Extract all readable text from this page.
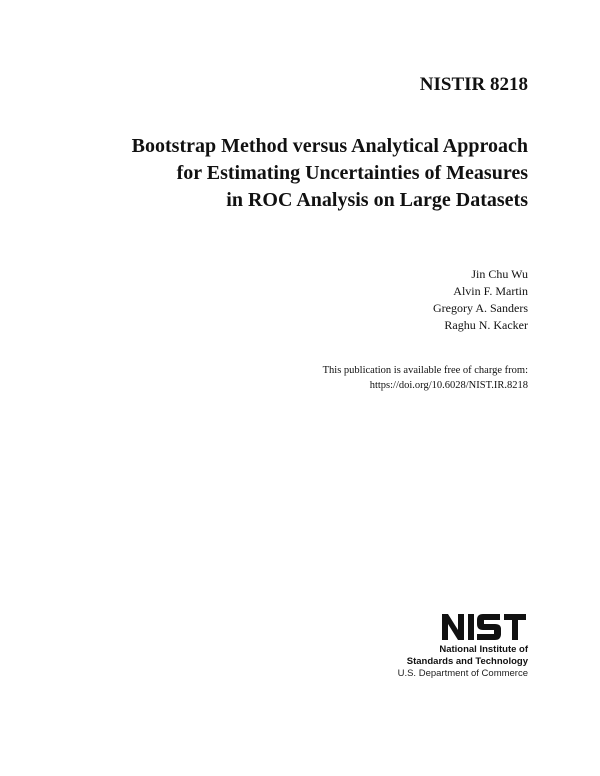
NISTIR 8218
Bootstrap Method versus Analytical Approach
for Estimating Uncertainties of Measures
in ROC Analysis on Large Datasets
Jin Chu Wu
Alvin F. Martin
Gregory A. Sanders
Raghu N. Kacker
This publication is available free of charge from:
https://doi.org/10.6028/NIST.IR.8218
National Institute of
Standards and Technology
U.S. Department of Commerce
